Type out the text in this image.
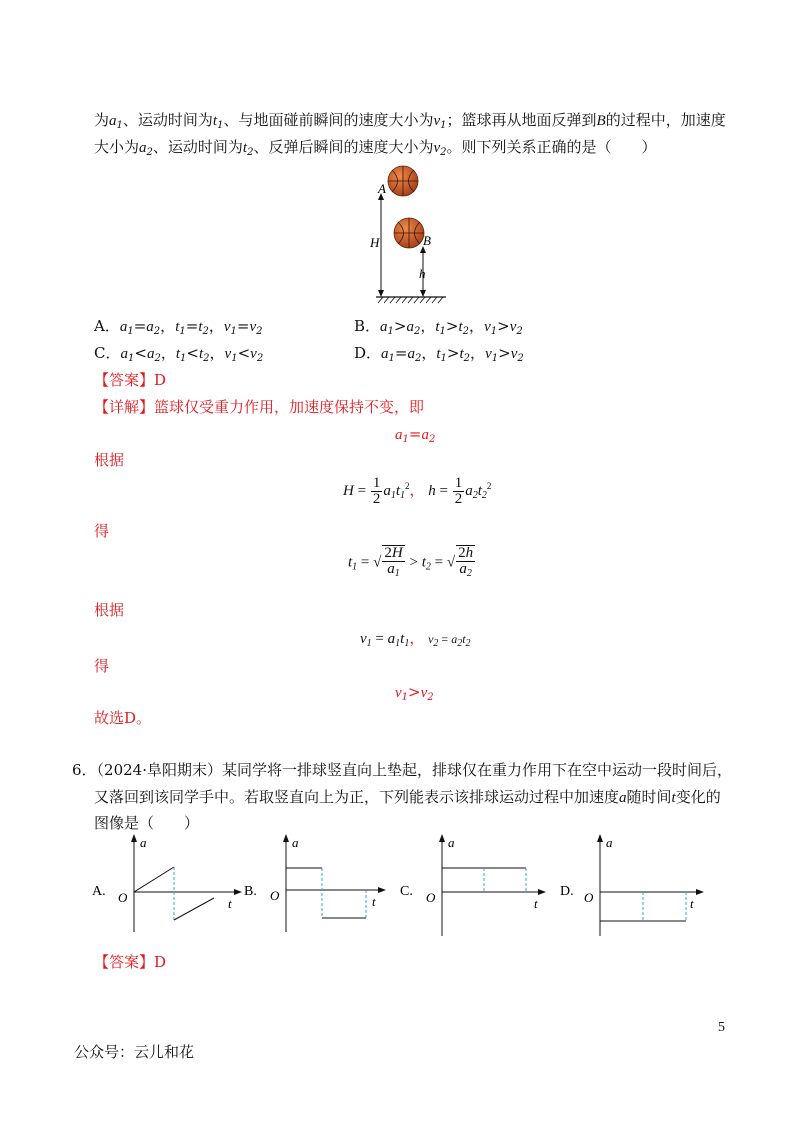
为$a_1$、运动时间为$t_1$、与地面碰前瞬间的速度大小为$v_1$；篮球再从地面反弹到B的过程中，加速度
大小为$a_2$、运动时间为$t_2$、反弹后瞬间的速度大小为$v_2$。则下列关系正确的是（　　）
A
H	B
h
A．$a_1=a_2$，$t_1=t_2$，$v_1=v_2$	B．$a_1>a_2$，$t_1>t_2$，$v_1>v_2$
C．$a_1<a_2$，$t_1<t_2$，$v_1<v_2$	D．$a_1=a_2$，$t_1>t_2$，$v_1>v_2$
【答案】D
【详解】篮球仅受重力作用，加速度保持不变，即
$a_1=a_2$
根据
$H = \frac{1}{2} a_1t_1^2$， $h = \frac{1}{2} a_2t_2^2$
得
$t_1$ = √ $\frac{2H}{a_1} > t_2$ = √ $\frac{2h}{a_2}$
根据
$v_1 = a_1t_1$， $v_2 = a_2t_2$
得
$v_1>v_2$
故选D。
6．（2024·阜阳期末）某同学将一排球竖直向上垫起，排球仅在重力作用下在空中运动一段时间后，
又落回到该同学手中。若取竖直向上为正，下列能表示该排球运动过程中加速度a随时间t变化的
图像是（　　）
A.
a
t
O	B.
a
t
O	C.
a
t
O	D.
a
t
O
【答案】D
5
公众号：云儿和花
